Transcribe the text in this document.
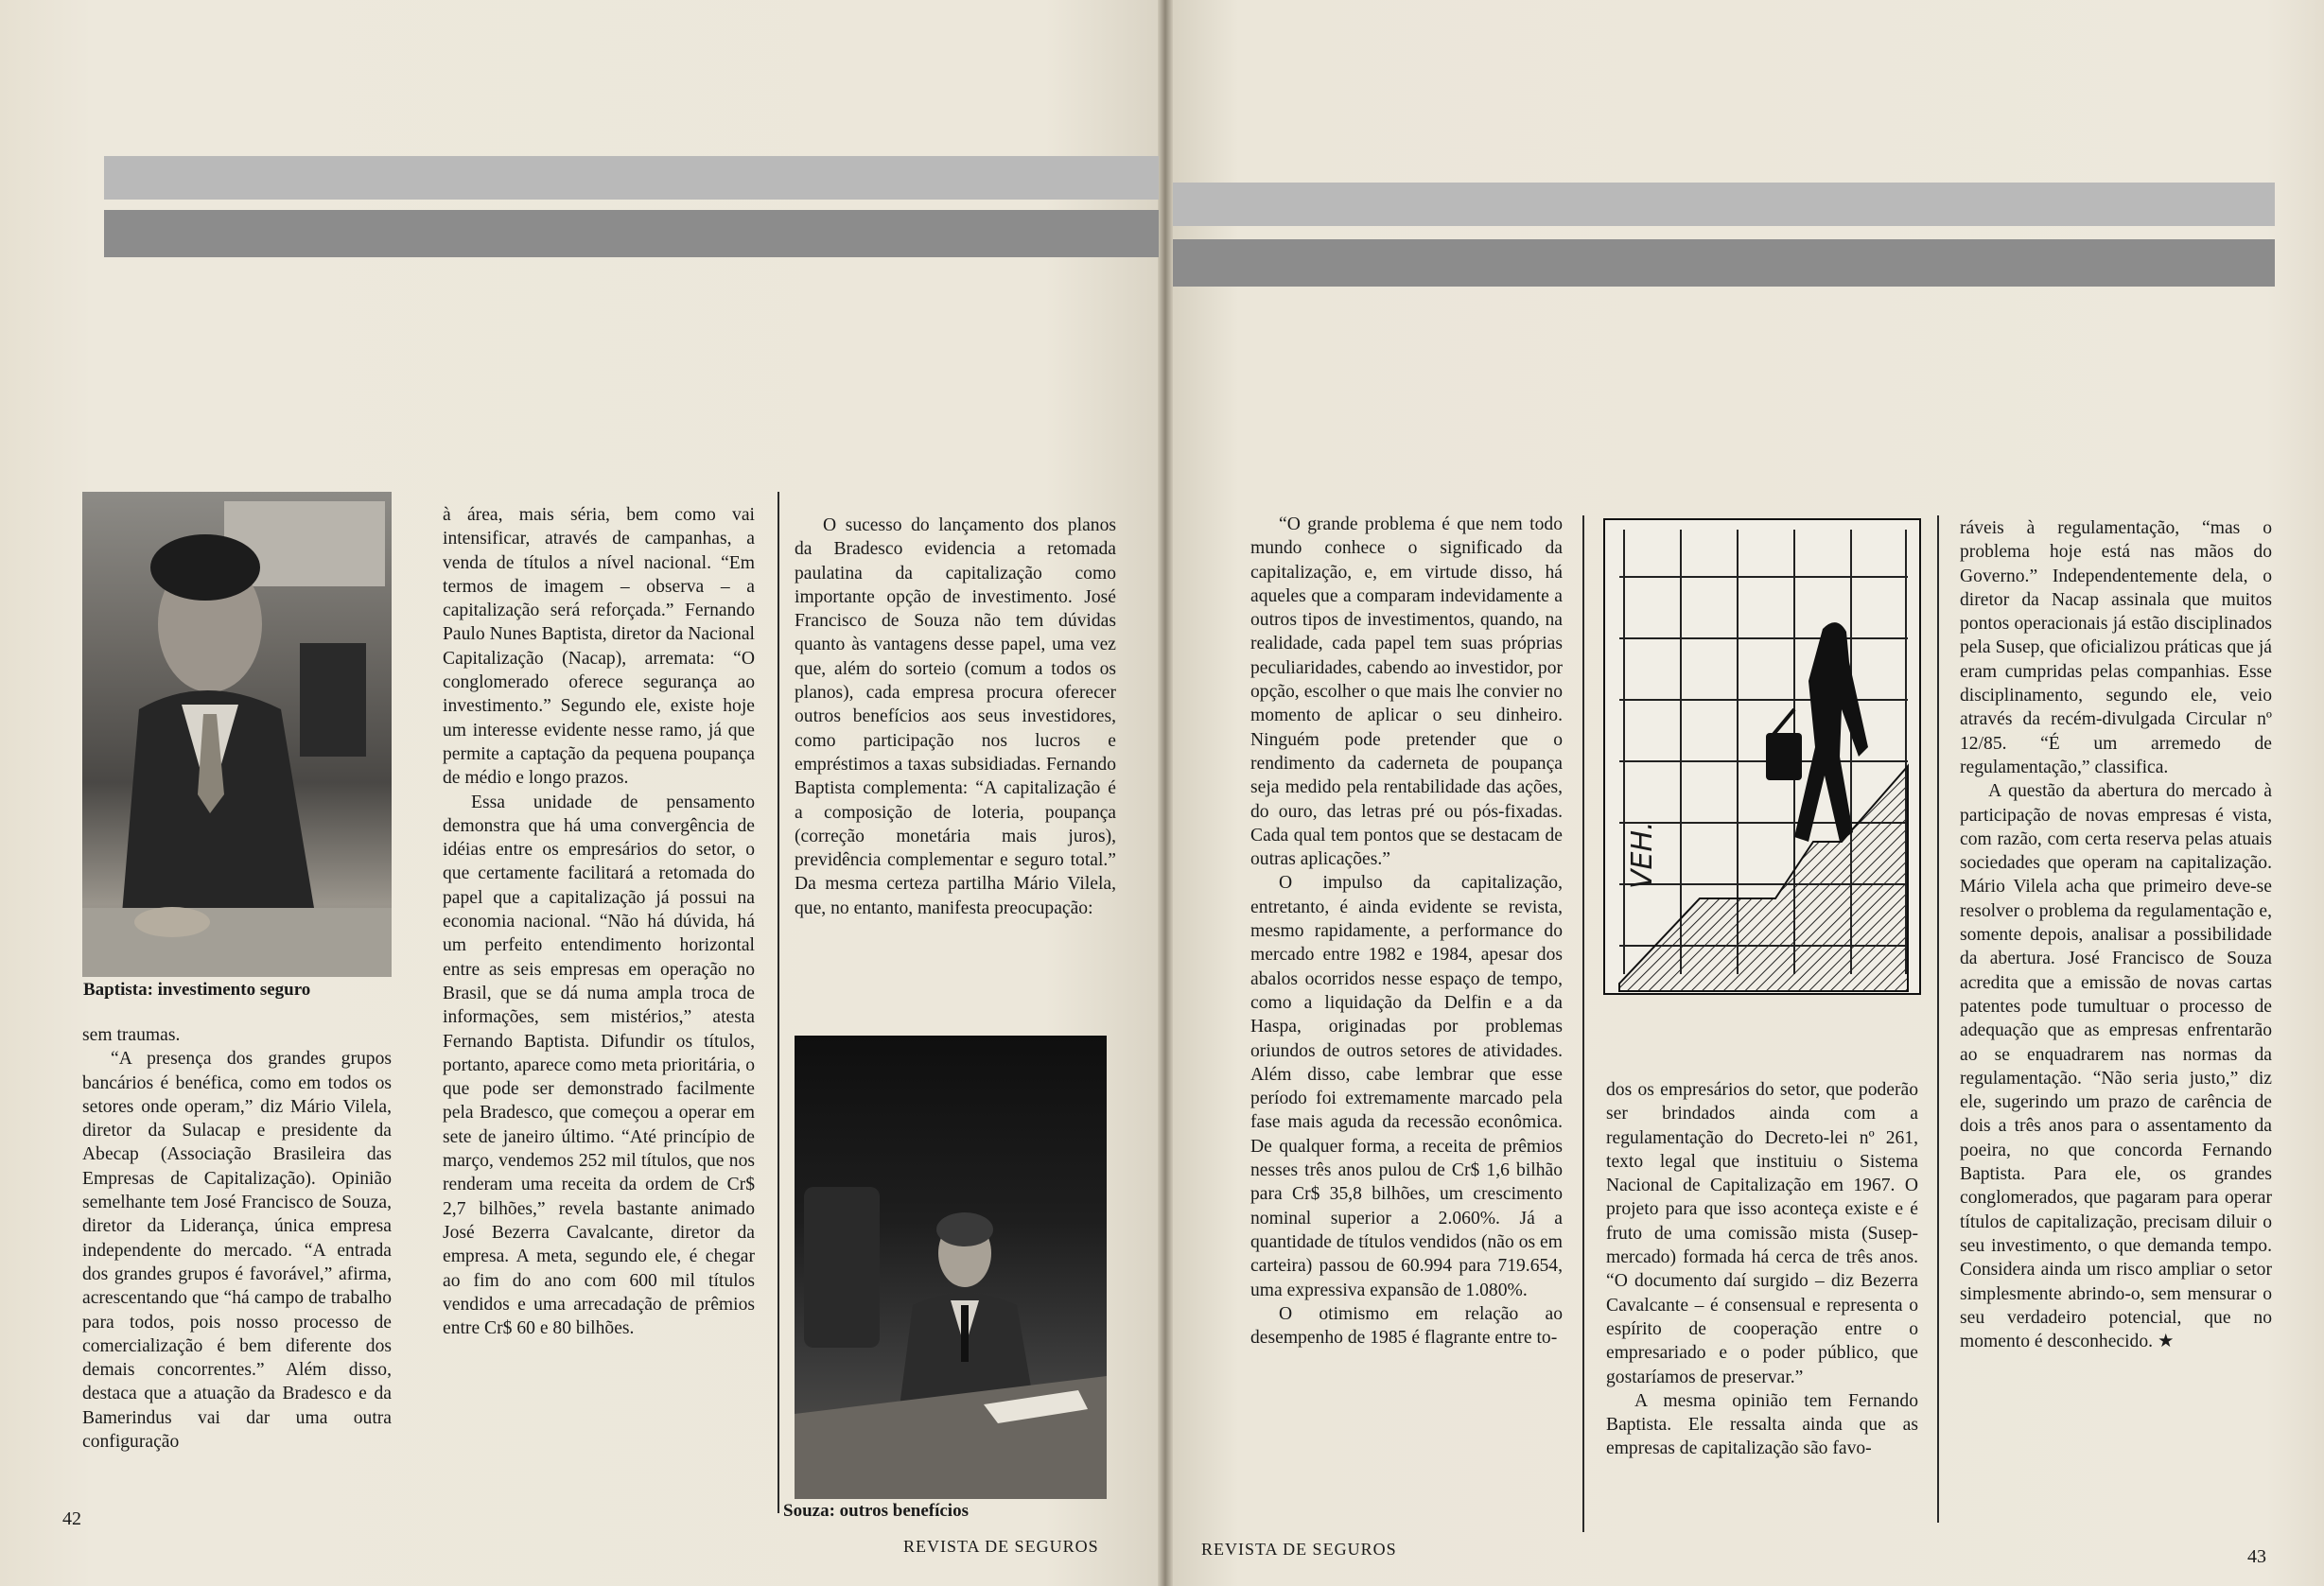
Baptista: investimento seguro

sem traumas.

“A presença dos grandes grupos bancários é benéfica, como em todos os setores onde operam,” diz Mário Vilela, diretor da Sulacap e presidente da Abecap (Associação Brasileira das Empresas de Capitalização). Opinião semelhante tem José Francisco de Souza, diretor da Liderança, única empresa independente do mercado. “A entrada dos grandes grupos é favorável,” afirma, acrescentando que “há campo de trabalho para todos, pois nosso processo de comercialização é bem diferente dos demais concorrentes.” Além disso, destaca que a atuação da Bradesco e da Bamerindus vai dar uma outra configuração

à área, mais séria, bem como vai intensificar, através de campanhas, a venda de títulos a nível nacional. “Em termos de imagem – observa – a capitalização será reforçada.” Fernando Paulo Nunes Baptista, diretor da Nacional Capitalização (Nacap), arremata: “O conglomerado oferece segurança ao investimento.” Segundo ele, existe hoje um interesse evidente nesse ramo, já que permite a captação da pequena poupança de médio e longo prazos.

Essa unidade de pensamento demonstra que há uma convergência de idéias entre os empresários do setor, o que certamente facilitará a retomada do papel que a capitalização já possui na economia nacional. “Não há dúvida, há um perfeito entendimento horizontal entre as seis empresas em operação no Brasil, que se dá numa ampla troca de informações, sem mistérios,” atesta Fernando Baptista. Difundir os títulos, portanto, aparece como meta prioritária, o que pode ser demonstrado facilmente pela Bradesco, que começou a operar em sete de janeiro último. “Até princípio de março, vendemos 252 mil títulos, que nos renderam uma receita da ordem de Cr$ 2,7 bilhões,” revela bastante animado José Bezerra Cavalcante, diretor da empresa. A meta, segundo ele, é chegar ao fim do ano com 600 mil títulos vendidos e uma arrecadação de prêmios entre Cr$ 60 e 80 bilhões.

O sucesso do lançamento dos planos da Bradesco evidencia a retomada paulatina da capitalização como importante opção de investimento. José Francisco de Souza não tem dúvidas quanto às vantagens desse papel, uma vez que, além do sorteio (comum a todos os planos), cada empresa procura oferecer outros benefícios aos seus investidores, como participação nos lucros e empréstimos a taxas subsidiadas. Fernando Baptista complementa: “A capitalização é a composição de loteria, poupança (correção monetária mais juros), previdência complementar e seguro total.” Da mesma certeza partilha Mário Vilela, que, no entanto, manifesta preocupação:

Souza: outros benefícios
42
REVISTA DE SEGUROS

“O grande problema é que nem todo mundo conhece o significado da capitalização, e, em virtude disso, há aqueles que a comparam indevidamente a outros tipos de investimentos, quando, na realidade, cada papel tem suas próprias peculiaridades, cabendo ao investidor, por opção, escolher o que mais lhe convier no momento de aplicar o seu dinheiro. Ninguém pode pretender que o rendimento da caderneta de poupança seja medido pela rentabilidade das ações, do ouro, das letras pré ou pós-fixadas. Cada qual tem pontos que se destacam de outras aplicações.”

O impulso da capitalização, entretanto, é ainda evidente se revista, mesmo rapidamente, a performance do mercado entre 1982 e 1984, apesar dos abalos ocorridos nesse espaço de tempo, como a liquidação da Delfin e a da Haspa, originadas por problemas oriundos de outros setores de atividades. Além disso, cabe lembrar que esse período foi extremamente marcado pela fase mais aguda da recessão econômica. De qualquer forma, a receita de prêmios nesses três anos pulou de Cr$ 1,6 bilhão para Cr$ 35,8 bilhões, um crescimento nominal superior a 2.060%. Já a quantidade de títulos vendidos (não os em carteira) passou de 60.994 para 719.654, uma expressiva expansão de 1.080%.

O otimismo em relação ao desempenho de 1985 é flagrante entre to-

VEH.

dos os empresários do setor, que poderão ser brindados ainda com a regulamentação do Decreto-lei nº 261, texto legal que instituiu o Sistema Nacional de Capitalização em 1967. O projeto para que isso aconteça existe e é fruto de uma comissão mista (Susep-mercado) formada há cerca de três anos. “O documento daí surgido – diz Bezerra Cavalcante – é consensual e representa o espírito de cooperação entre o empresariado e o poder público, que gostaríamos de preservar.”

A mesma opinião tem Fernando Baptista. Ele ressalta ainda que as empresas de capitalização são favo-

ráveis à regulamentação, “mas o problema hoje está nas mãos do Governo.” Independentemente dela, o diretor da Nacap assinala que muitos pontos operacionais já estão disciplinados pela Susep, que oficializou práticas que já eram cumpridas pelas companhias. Esse disciplinamento, segundo ele, veio através da recém-divulgada Circular nº 12/85. “É um arremedo de regulamentação,” classifica.

A questão da abertura do mercado à participação de novas empresas é vista, com razão, com certa reserva pelas atuais sociedades que operam na capitalização. Mário Vilela acha que primeiro deve-se resolver o problema da regulamentação e, somente depois, analisar a possibilidade da abertura. José Francisco de Souza acredita que a emissão de novas cartas patentes pode tumultuar o processo de adequação que as empresas enfrentarão ao se enquadrarem nas normas da regulamentação. “Não seria justo,” diz ele, sugerindo um prazo de carência de dois a três anos para o assentamento da poeira, no que concorda Fernando Baptista. Para ele, os grandes conglomerados, que pagaram para operar títulos de capitalização, precisam diluir o seu investimento, o que demanda tempo. Considera ainda um risco ampliar o setor simplesmente abrindo-o, sem mensurar o seu verdadeiro potencial, que no momento é desconhecido. ★

REVISTA DE SEGUROS	43
